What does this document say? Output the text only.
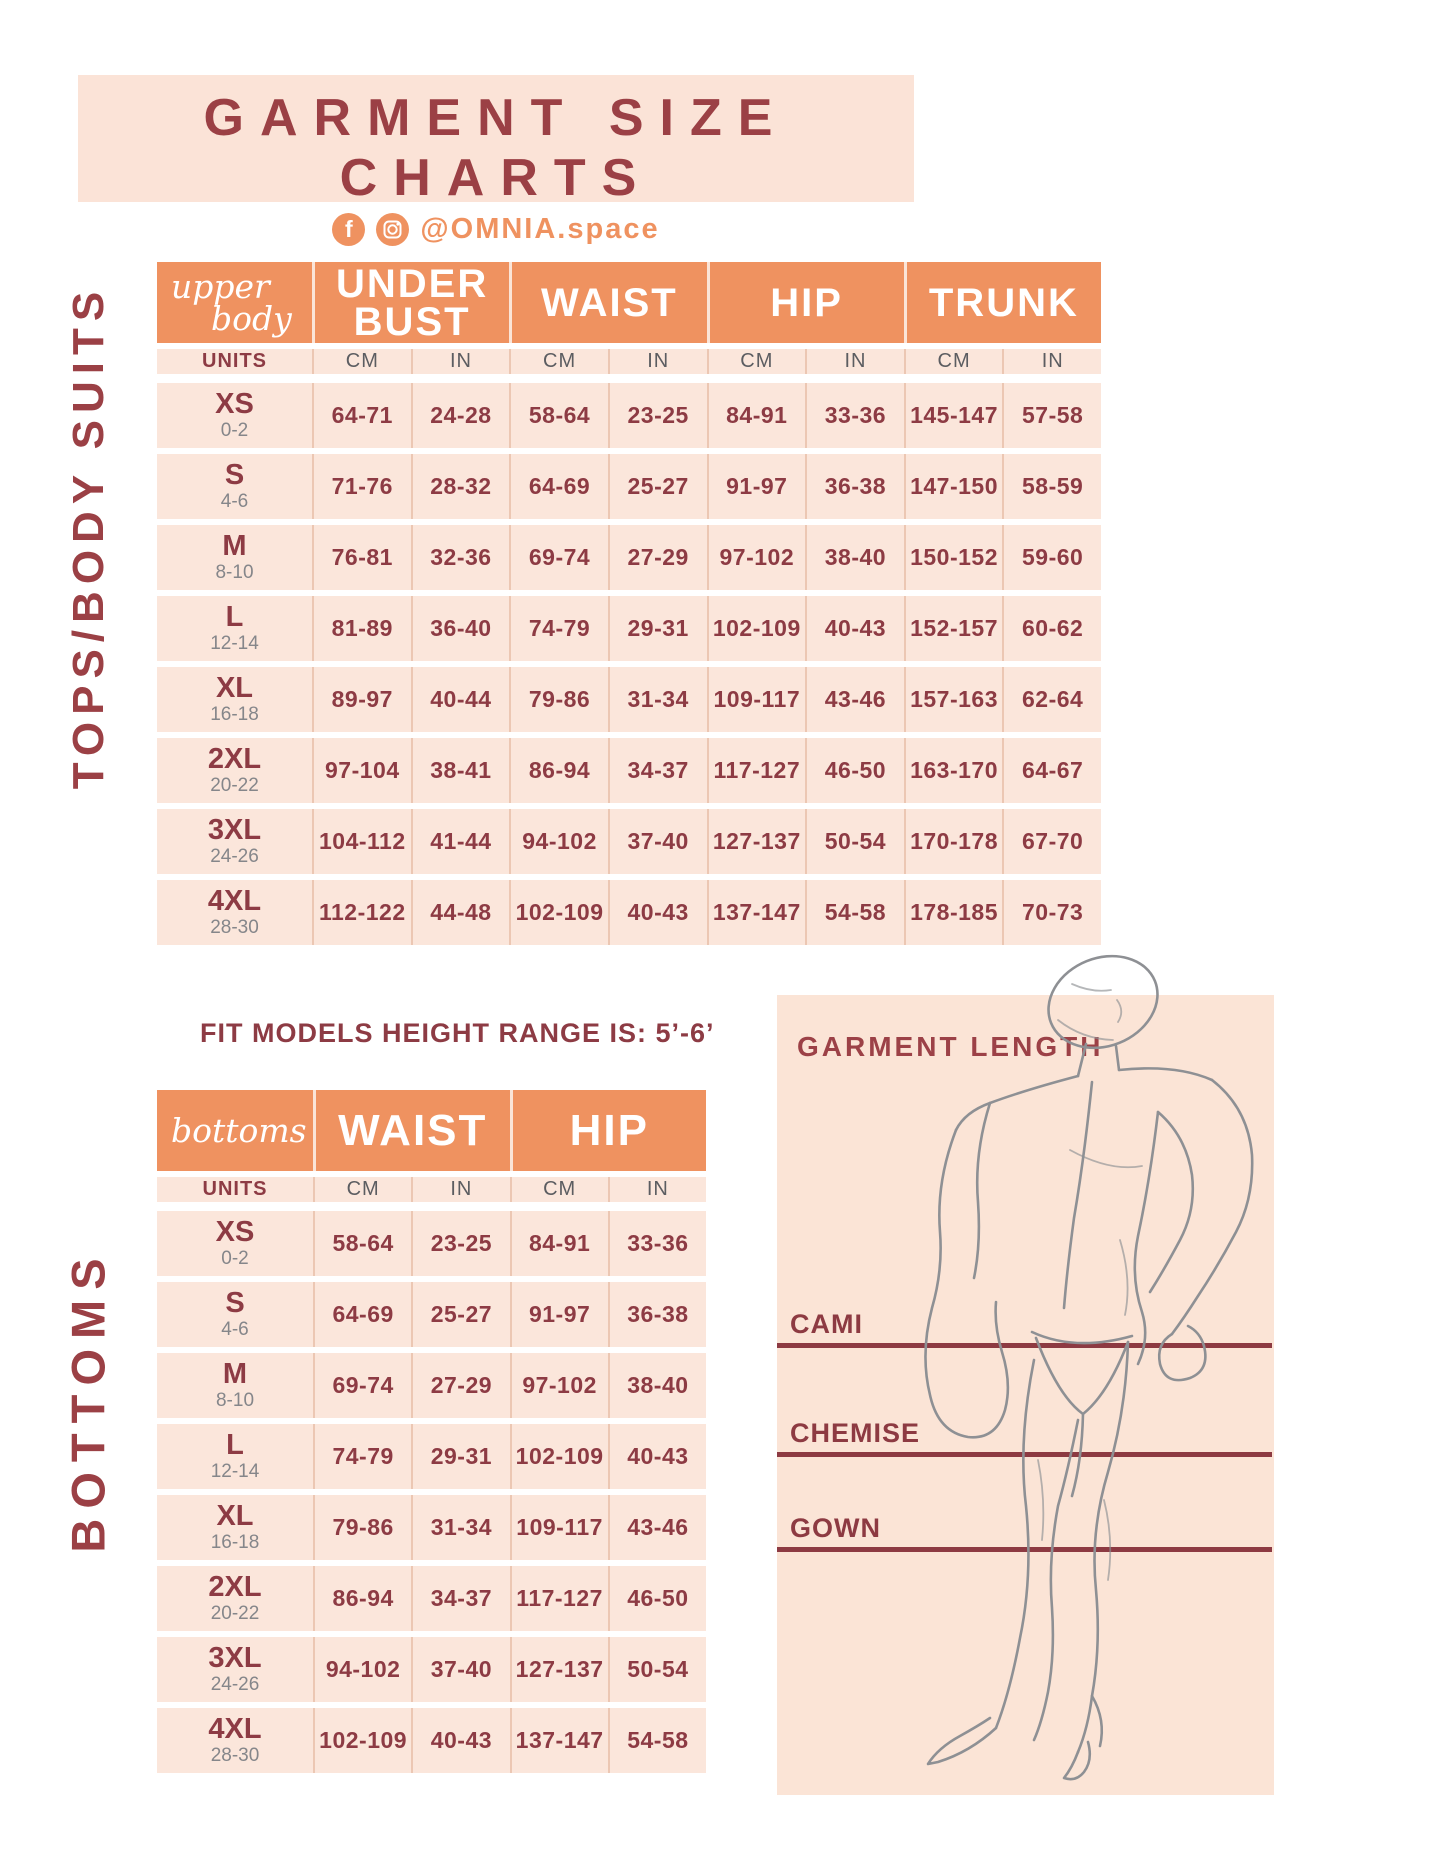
GARMENT SIZE CHARTS
f	@OMNIA.space
TOPS/BODY SUITS
BOTTOMS
upper
body
UNDER BUST	WAIST	HIP	TRUNK
UNITS	CM	IN	CM	IN	CM	IN	CM	IN
XS
0-2
64-71	24-28	58-64	23-25	84-91	33-36	145-147	57-58
S
4-6
71-76	28-32	64-69	25-27	91-97	36-38	147-150	58-59
M
8-10
76-81	32-36	69-74	27-29	97-102	38-40	150-152	59-60
L
12-14
81-89	36-40	74-79	29-31	102-109	40-43	152-157	60-62
XL
16-18
89-97	40-44	79-86	31-34	109-117	43-46	157-163	62-64
2XL
20-22
97-104	38-41	86-94	34-37	117-127	46-50	163-170	64-67
3XL
24-26
104-112	41-44	94-102	37-40	127-137	50-54	170-178	67-70
4XL
28-30
112-122	44-48	102-109	40-43	137-147	54-58	178-185	70-73
FIT MODELS HEIGHT RANGE IS: 5’-6’
bottoms WAIST	HIP
UNITS	CM	IN	CM	IN
XS
0-2
58-64	23-25	84-91	33-36
S
4-6
64-69	25-27	91-97	36-38
M
8-10
69-74	27-29	97-102	38-40
L
12-14
74-79	29-31	102-109	40-43
XL
16-18
79-86	31-34	109-117	43-46
2XL
20-22
86-94	34-37	117-127	46-50
3XL
24-26
94-102	37-40	127-137	50-54
4XL
28-30
102-109	40-43	137-147	54-58
GARMENT LENGTH
CAMI
CHEMISE
GOWN
